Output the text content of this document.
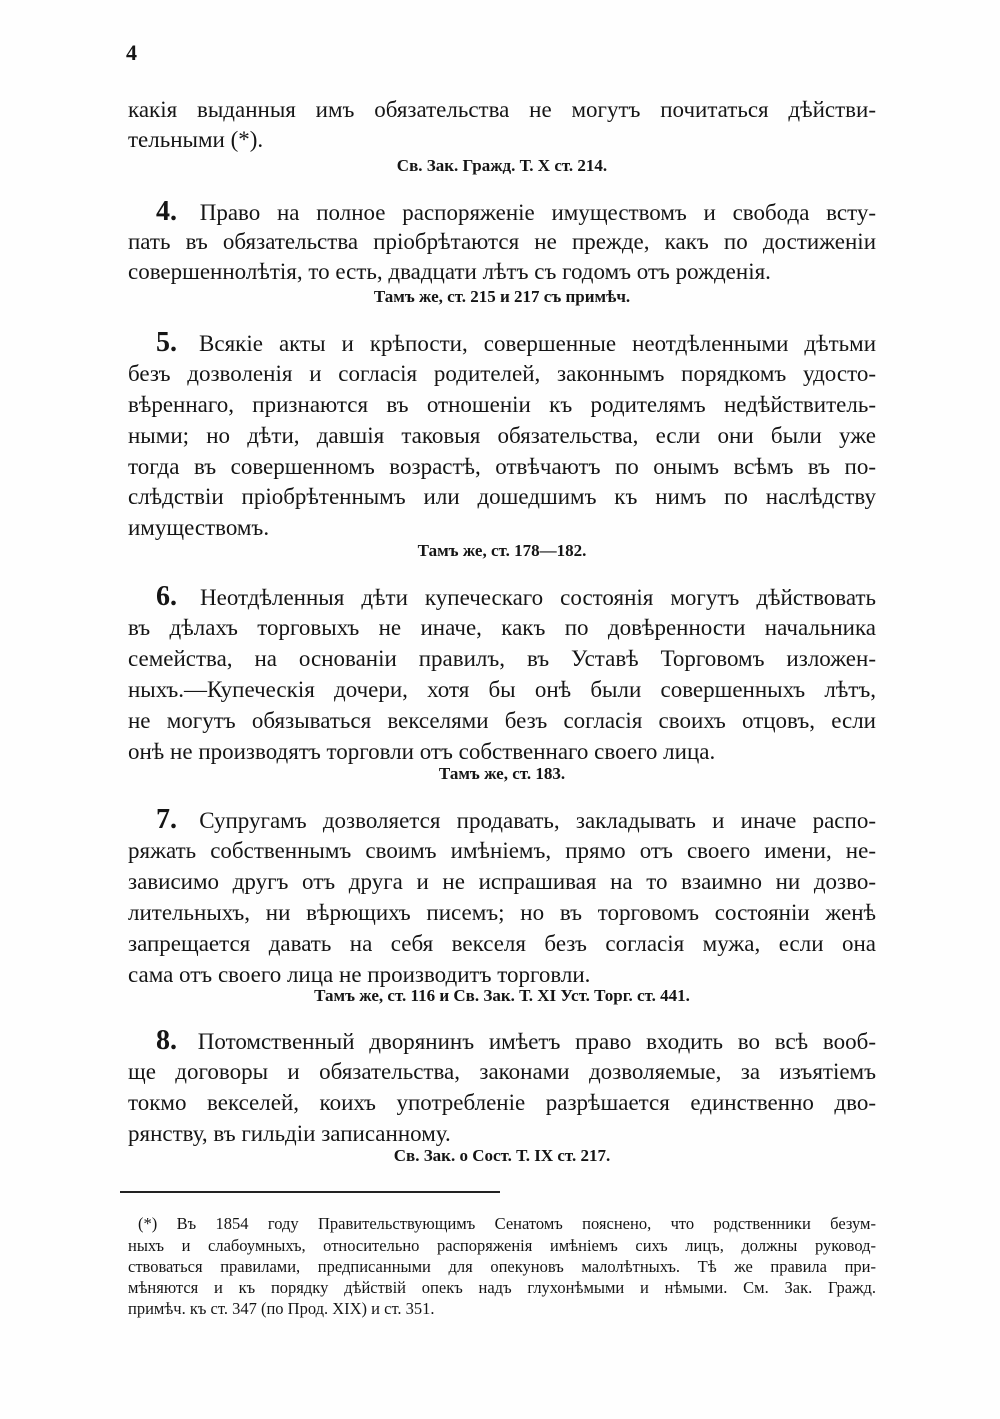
4
какія выданныя имъ обязательства не могутъ почитаться дѣйстви-
тельными (*).
Св. Зак. Гражд. Т. X ст. 214.
4. Право на полное распоряженіе имуществомъ и свобода всту-
пать въ обязательства пріобрѣтаются не прежде, какъ по достиженіи
совершеннолѣтія, то есть, двадцати лѣтъ съ годомъ отъ рожденія.
Тамъ же, ст. 215 и 217 съ примѣч.
5. Всякіе акты и крѣпости, совершенные неотдѣленными дѣтьми
безъ дозволенія и согласія родителей, законнымъ порядкомъ удосто-
вѣреннаго, признаются въ отношеніи къ родителямъ недѣйствитель-
ными; но дѣти, давшія таковыя обязательства, если они были уже
тогда въ совершенномъ возрастѣ, отвѣчаютъ по онымъ всѣмъ въ по-
слѣдствіи пріобрѣтеннымъ или дошедшимъ къ нимъ по наслѣдству
имуществомъ.
Тамъ же, ст. 178—182.
6. Неотдѣленныя дѣти купеческаго состоянія могутъ дѣйствовать
въ дѣлахъ торговыхъ не иначе, какъ по довѣренности начальника
семейства, на основаніи правилъ, въ Уставѣ Торговомъ изложен-
ныхъ.—Купеческія дочери, хотя бы онѣ были совершенныхъ лѣтъ,
не могутъ обязываться векселями безъ согласія своихъ отцовъ, если
онѣ не производятъ торговли отъ собственнаго своего лица.
Тамъ же, ст. 183.
7. Супругамъ дозволяется продавать, закладывать и иначе распо-
ряжать собственнымъ своимъ имѣніемъ, прямо отъ своего имени, не-
зависимо другъ отъ друга и не испрашивая на то взаимно ни дозво-
лительныхъ, ни вѣрющихъ писемъ; но въ торговомъ состояніи женѣ
запрещается давать на себя векселя безъ согласія мужа, если она
сама отъ своего лица не производитъ торговли.
Тамъ же, ст. 116 и Св. Зак. Т. XI Уст. Торг. ст. 441.
8. Потомственный дворянинъ имѣетъ право входить во всѣ вооб-
ще договоры и обязательства, законами дозволяемые, за изъятіемъ
токмо векселей, коихъ употребленіе разрѣшается единственно дво-
рянству, въ гильдіи записанному.
Св. Зак. о Сост. Т. IX ст. 217.
(*) Въ 1854 году Правительствующимъ Сенатомъ пояснено, что родственники безум-
ныхъ и слабоумныхъ, относительно распоряженія имѣніемъ сихъ лицъ, должны руковод-
ствоваться правилами, предписанными для опекуновъ малолѣтныхъ. Тѣ же правила при-
мѣняются и къ порядку дѣйствій опекъ надъ глухонѣмыми и нѣмыми. См. Зак. Гражд.
примѣч. къ ст. 347 (по Прод. XIX) и ст. 351.
